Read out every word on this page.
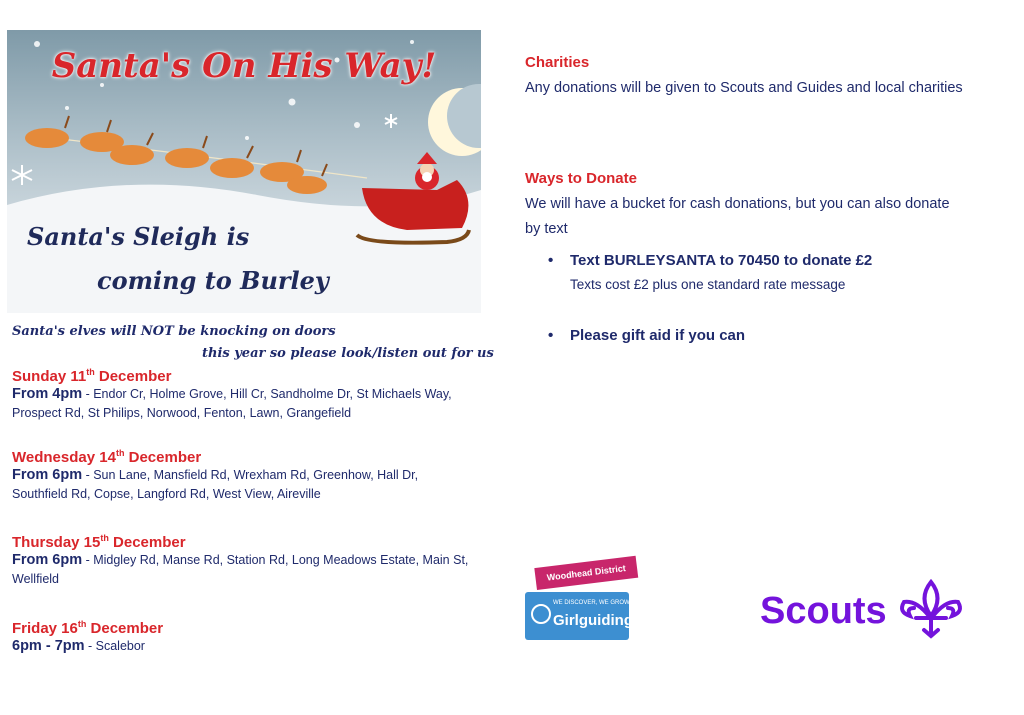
Santa's On His Way!
Santa's Sleigh is
coming to Burley
Santa's elves will NOT be knocking on doors
this year so please look/listen out for us
Sunday 11th December
From 4pm - Endor Cr, Holme Grove, Hill Cr, Sandholme Dr, St Michaels Way, Prospect Rd, St Philips, Norwood, Fenton, Lawn, Grangefield
Wednesday 14th December
From 6pm - Sun Lane, Mansfield Rd, Wrexham Rd, Greenhow, Hall Dr, Southfield Rd, Copse, Langford Rd, West View, Aireville
Thursday 15th December
From 6pm - Midgley Rd, Manse Rd, Station Rd, Long Meadows Estate, Main St, Wellfield
Friday 16th December
6pm - 7pm - Scalebor
Charities
Any donations will be given to Scouts and Guides and local charities
Ways to Donate
We will have a bucket for cash donations, but you can also donate by text
• Text BURLEYSANTA to 70450 to donate £2
Texts cost £2 plus one standard rate message
• Please gift aid if you can
Woodhead District
WE DISCOVER, WE GROW
Girlguiding	Scouts
